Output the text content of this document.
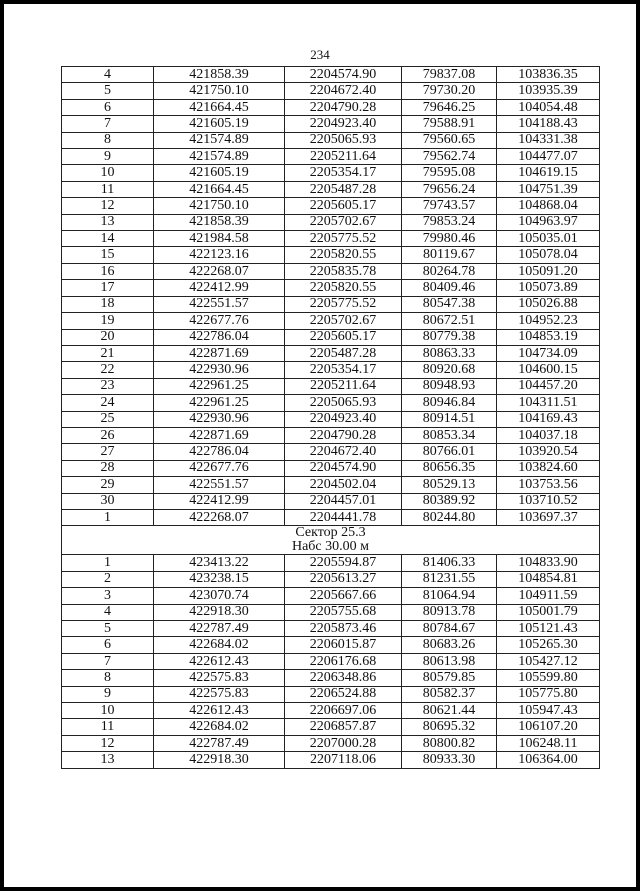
234
4	421858.39	2204574.90	79837.08	103836.35
5	421750.10	2204672.40	79730.20	103935.39
6	421664.45	2204790.28	79646.25	104054.48
7	421605.19	2204923.40	79588.91	104188.43
8	421574.89	2205065.93	79560.65	104331.38
9	421574.89	2205211.64	79562.74	104477.07
10	421605.19	2205354.17	79595.08	104619.15
11	421664.45	2205487.28	79656.24	104751.39
12	421750.10	2205605.17	79743.57	104868.04
13	421858.39	2205702.67	79853.24	104963.97
14	421984.58	2205775.52	79980.46	105035.01
15	422123.16	2205820.55	80119.67	105078.04
16	422268.07	2205835.78	80264.78	105091.20
17	422412.99	2205820.55	80409.46	105073.89
18	422551.57	2205775.52	80547.38	105026.88
19	422677.76	2205702.67	80672.51	104952.23
20	422786.04	2205605.17	80779.38	104853.19
21	422871.69	2205487.28	80863.33	104734.09
22	422930.96	2205354.17	80920.68	104600.15
23	422961.25	2205211.64	80948.93	104457.20
24	422961.25	2205065.93	80946.84	104311.51
25	422930.96	2204923.40	80914.51	104169.43
26	422871.69	2204790.28	80853.34	104037.18
27	422786.04	2204672.40	80766.01	103920.54
28	422677.76	2204574.90	80656.35	103824.60
29	422551.57	2204502.04	80529.13	103753.56
30	422412.99	2204457.01	80389.92	103710.52
1	422268.07	2204441.78	80244.80	103697.37

Сектор 25.3
Набс 30.00 м				

1	423413.22	2205594.87	81406.33	104833.90
2	423238.15	2205613.27	81231.55	104854.81
3	423070.74	2205667.66	81064.94	104911.59
4	422918.30	2205755.68	80913.78	105001.79
5	422787.49	2205873.46	80784.67	105121.43
6	422684.02	2206015.87	80683.26	105265.30
7	422612.43	2206176.68	80613.98	105427.12
8	422575.83	2206348.86	80579.85	105599.80
9	422575.83	2206524.88	80582.37	105775.80
10	422612.43	2206697.06	80621.44	105947.43
11	422684.02	2206857.87	80695.32	106107.20
12	422787.49	2207000.28	80800.82	106248.11
13	422918.30	2207118.06	80933.30	106364.00
